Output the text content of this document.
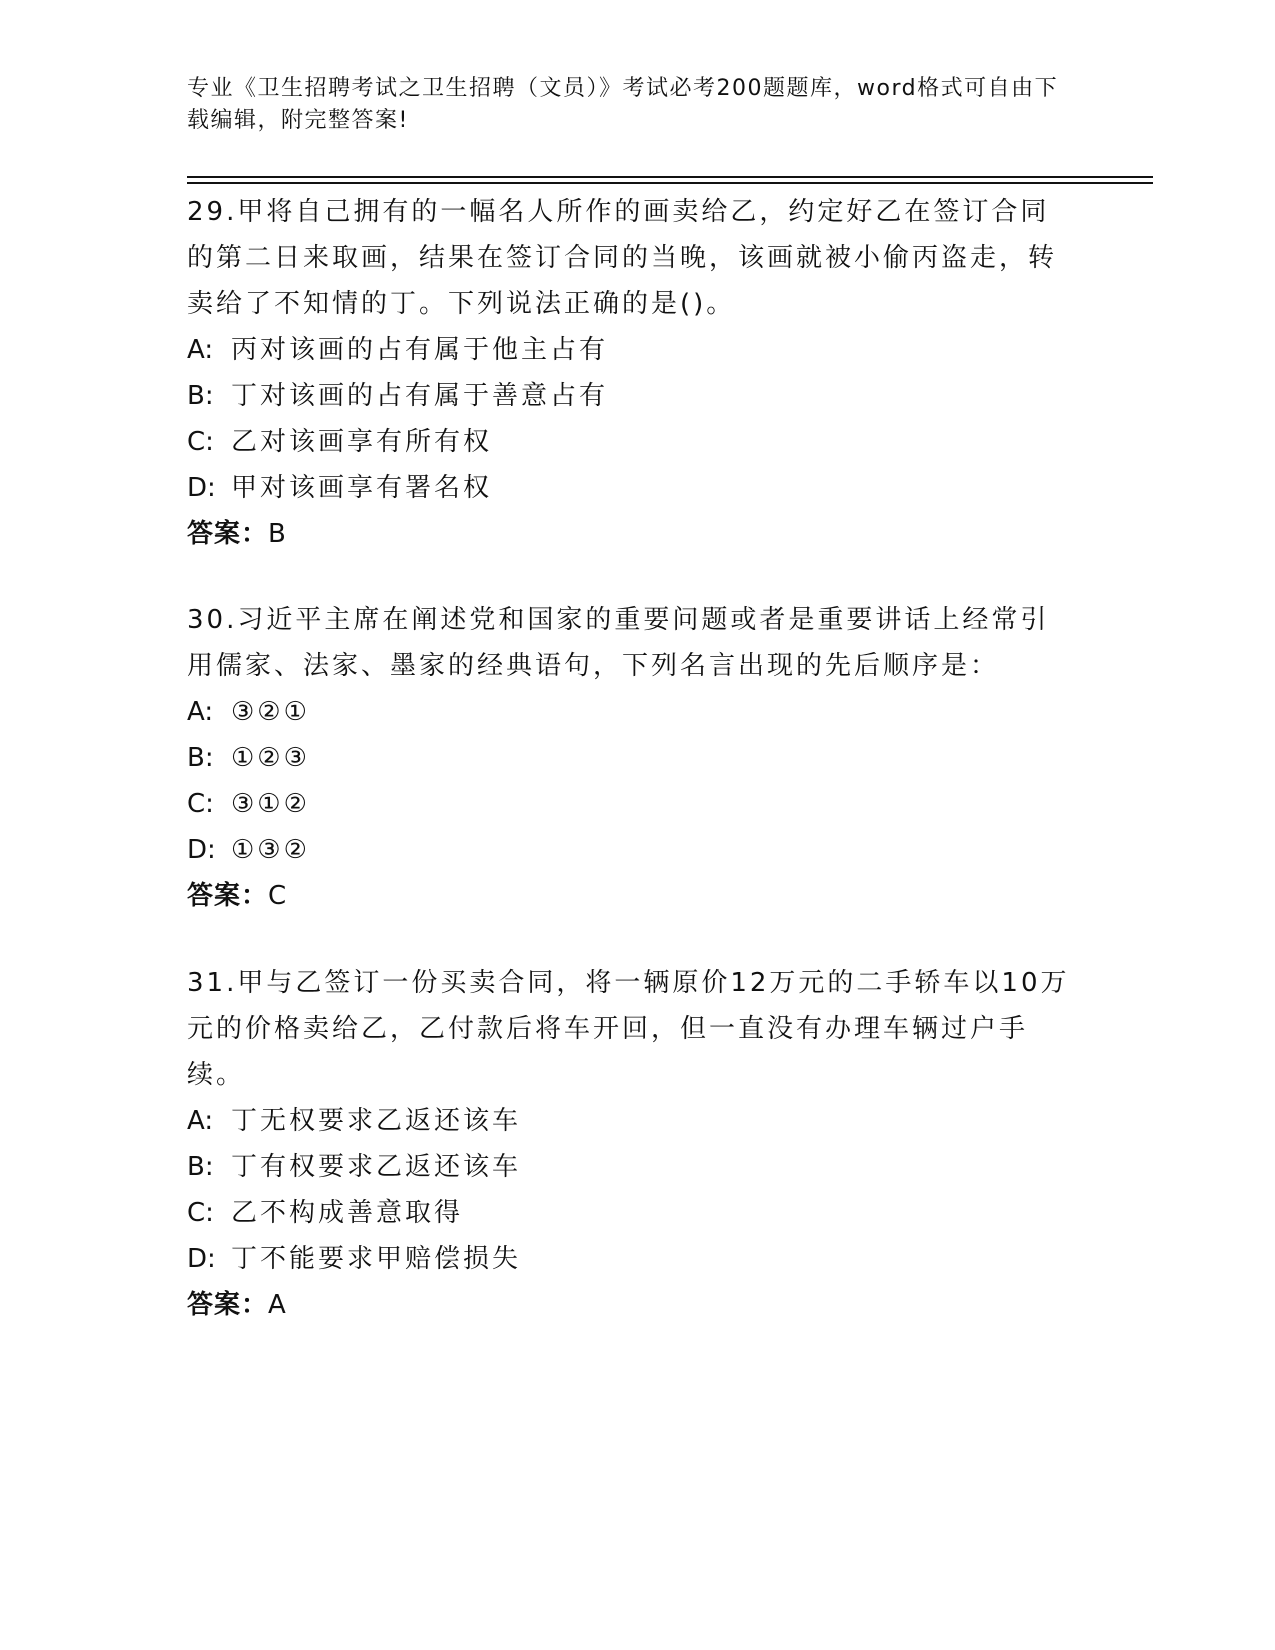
专业《卫生招聘考试之卫生招聘（文员）》考试必考200题题库，word格式可自由下载编辑，附完整答案!

29.甲将自己拥有的一幅名人所作的画卖给乙，约定好乙在签订合同的第二日来取画，结果在签订合同的当晚，该画就被小偷丙盗走，转卖给了不知情的丁。下列说法正确的是()。

A: 丙对该画的占有属于他主占有

B: 丁对该画的占有属于善意占有

C: 乙对该画享有所有权

D: 甲对该画享有署名权

答案：B

30.习近平主席在阐述党和国家的重要问题或者是重要讲话上经常引用儒家、法家、墨家的经典语句，下列名言出现的先后顺序是：

A: ③②①

B: ①②③

C: ③①②

D: ①③②

答案：C

31.甲与乙签订一份买卖合同，将一辆原价12万元的二手轿车以10万元的价格卖给乙，乙付款后将车开回，但一直没有办理车辆过户手续。

A: 丁无权要求乙返还该车

B: 丁有权要求乙返还该车

C: 乙不构成善意取得

D: 丁不能要求甲赔偿损失

答案：A
